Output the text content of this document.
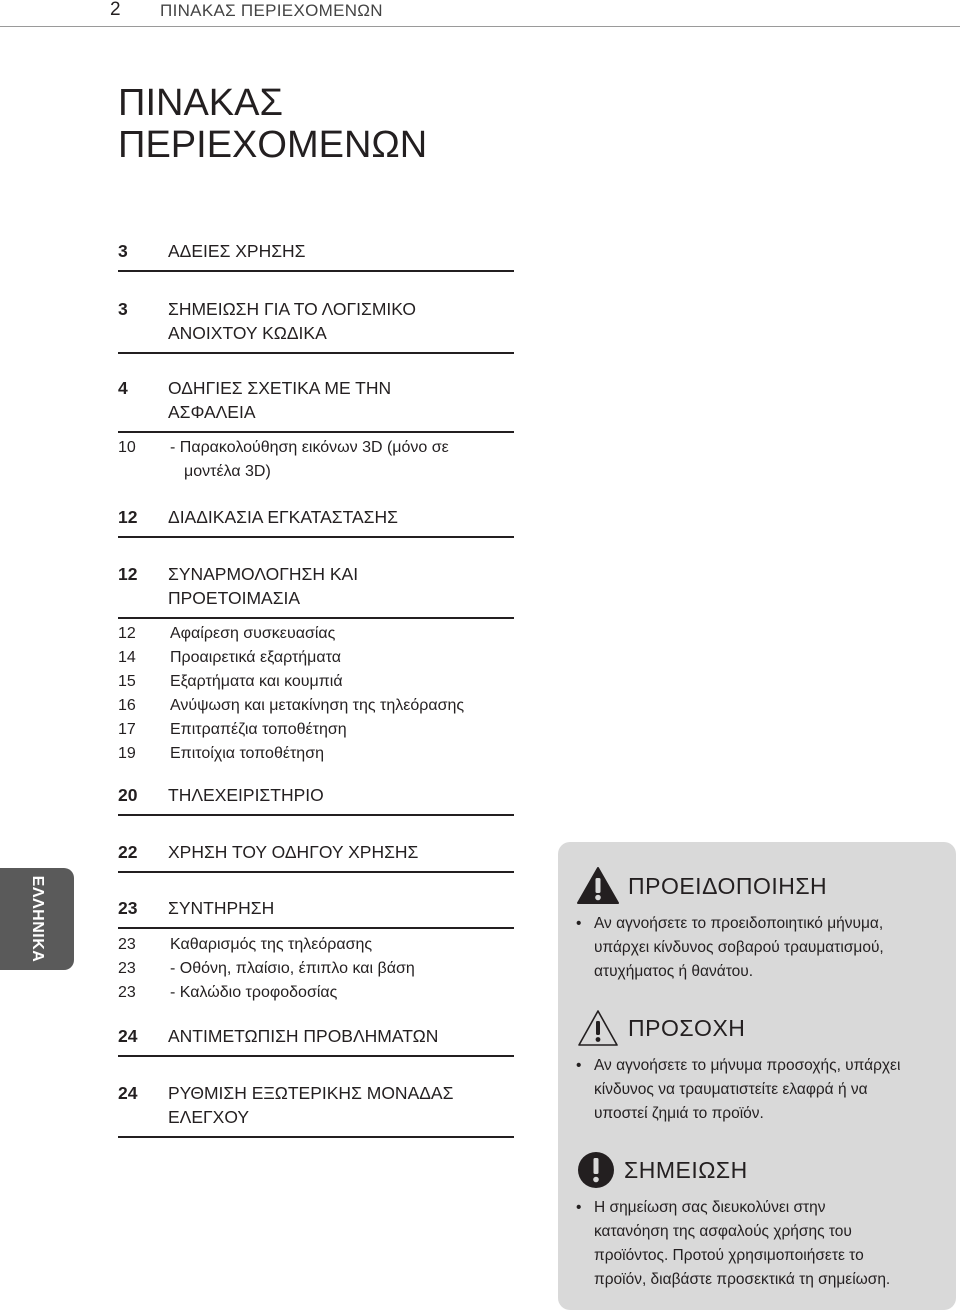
2 ΠΙΝΑΚΑΣ ΠΕΡΙΕΧΟΜΕΝΩΝ
ΠΙΝΑΚΑΣ
ΠΕΡΙΕΧΟΜΕΝΩΝ
3	ΑΔΕΙΕΣ ΧΡΗΣΗΣ
3	ΣΗΜΕΙΩΣΗ ΓΙΑ ΤΟ ΛΟΓΙΣΜΙΚΟ
ΑΝΟΙΧΤΟΥ ΚΩΔΙΚΑ
4	ΟΔΗΓΙΕΣ ΣΧΕΤΙΚΑ ΜΕ ΤΗΝ
ΑΣΦΑΛΕΙΑ
10	- Παρακολούθηση εικόνων 3D (μόνο σε
μοντέλα 3D)
12	ΔΙΑΔΙΚΑΣΙΑ ΕΓΚΑΤΑΣΤΑΣΗΣ
12	ΣΥΝΑΡΜΟΛΟΓΗΣΗ ΚΑΙ
ΠΡΟΕΤΟΙΜΑΣΙΑ
12	Αφαίρεση συσκευασίας
14	Προαιρετικά εξαρτήματα
15	Εξαρτήματα και κουμπιά
16	Ανύψωση και μετακίνηση της τηλεόρασης
17	Επιτραπέζια τοποθέτηση
19	Επιτοίχια τοποθέτηση
20	ΤΗΛΕΧΕΙΡΙΣΤΗΡΙΟ
22	ΧΡΗΣΗ ΤΟΥ ΟΔΗΓΟΥ ΧΡΗΣΗΣ
23	ΣΥΝΤΗΡΗΣΗ
23	Καθαρισμός της τηλεόρασης
23	- Οθόνη, πλαίσιο, έπιπλο και βάση
23	- Καλώδιο τροφοδοσίας
24	ΑΝΤΙΜΕΤΩΠΙΣΗ ΠΡΟΒΛΗΜΑΤΩΝ
24	ΡΥΘΜΙΣΗ ΕΞΩΤΕΡΙΚΗΣ ΜΟΝΑΔΑΣ
ΕΛΕΓΧΟΥ
ΕΛΛΗΝΙΚΑ	ΠΡΟΕΙΔΟΠΟΙΗΣΗ
• Αν αγνοήσετε το προειδοποιητικό μήνυμα,
υπάρχει κίνδυνος σοβαρού τραυματισμού,
ατυχήματος ή θανάτου.
ΠΡΟΣΟΧΗ
• Αν αγνοήσετε το μήνυμα προσοχής, υπάρχει
κίνδυνος να τραυματιστείτε ελαφρά ή να
υποστεί ζημιά το προϊόν.
ΣΗΜΕΙΩΣΗ
• Η σημείωση σας διευκολύνει στην
κατανόηση της ασφαλούς χρήσης του
προϊόντος. Προτού χρησιμοποιήσετε το
προϊόν, διαβάστε προσεκτικά τη σημείωση.
